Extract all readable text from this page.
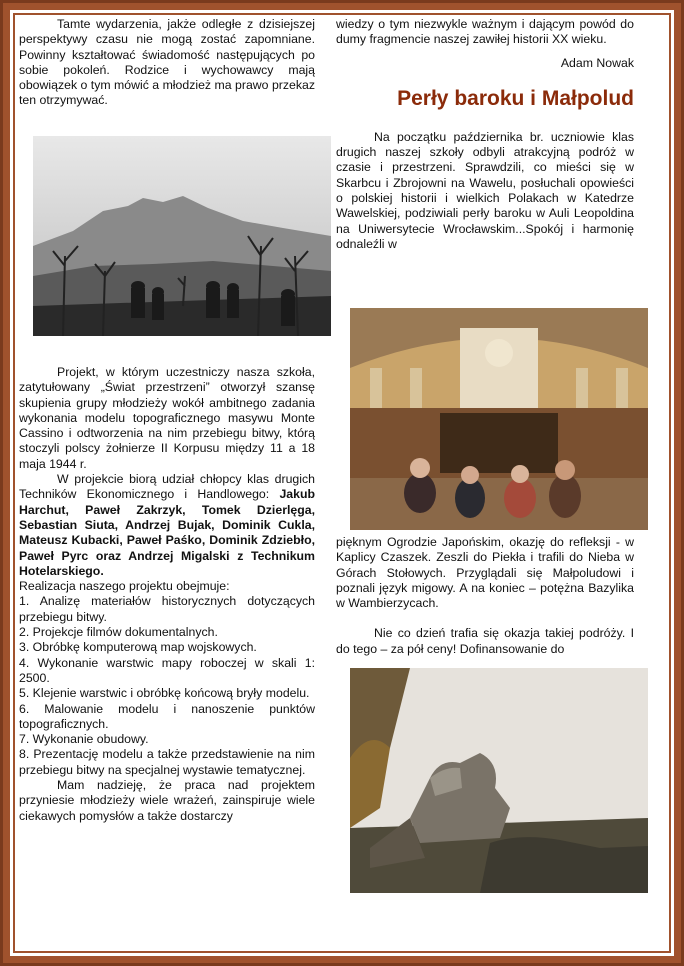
Tamte wydarzenia, jakże odległe z dzisiejszej perspektywy czasu nie mogą zostać zapomniane. Powinny kształtować świadomość następujących po sobie pokoleń. Rodzice i wychowawcy mają obowiązek o tym mówić a młodzież ma prawo przekaz ten otrzymywać.

Projekt, w którym uczestniczy nasza szkoła, zatytułowany „Świat przestrzeni” otworzył szansę skupienia grupy młodzieży wokół ambitnego zadania wykonania modelu topograficznego masywu Monte Cassino i odtworzenia na nim przebiegu bitwy, którą stoczyli polscy żołnierze II Korpusu między 11 a 18 maja 1944 r.

W projekcie biorą udział chłopcy klas drugich Techników Ekonomicznego i Handlowego: Jakub Harchut, Paweł Zakrzyk, Tomek Dzierlęga, Sebastian Siuta, Andrzej Bujak, Dominik Cukla, Mateusz Kubacki, Paweł Paśko, Dominik Zdziebło, Paweł Pyrc oraz Andrzej Migalski z Technikum Hotelarskiego.

Realizacja naszego projektu obejmuje:

1. Analizę materiałów historycznych dotyczących przebiegu bitwy.

2. Projekcje filmów dokumentalnych.

3. Obróbkę komputerową map wojskowych.

4. Wykonanie warstwic mapy roboczej w skali 1: 2500.

5. Klejenie warstwic i obróbkę końcową bryły modelu.

6. Malowanie modelu i nanoszenie punktów topograficznych.

7. Wykonanie obudowy.

8. Prezentację modelu a także przedstawienie na nim przebiegu bitwy na specjalnej wystawie tematycznej.

Mam nadzieję, że praca nad projektem przyniesie młodzieży wiele wrażeń, zainspiruje wiele ciekawych pomysłów a także dostarczy

wiedzy o tym niezwykle ważnym i dającym powód do dumy fragmencie naszej zawiłej historii XX wieku.

Adam Nowak

Perły baroku i Małpolud

Na początku października br. uczniowie klas drugich naszej szkoły odbyli atrakcyjną podróż w czasie i przestrzeni. Sprawdzili, co mieści się w Skarbcu i Zbrojowni na Wawelu, posłuchali opowieści o polskiej historii i wielkich Polakach w Katedrze Wawelskiej, podziwiali perły baroku w Auli Leopoldina na Uniwersytecie Wrocławskim...Spokój i harmonię odnaleźli w

pięknym Ogrodzie Japońskim, okazję do refleksji - w Kaplicy Czaszek. Zeszli do Piekła i trafili do Nieba w Górach Stołowych. Przyglądali się Małpoludowi i poznali język migowy. A na koniec – potężna Bazylika w Wambierzycach.

Nie co dzień trafia się okazja takiej podróży. I do tego – za pół ceny! Dofinansowanie do
